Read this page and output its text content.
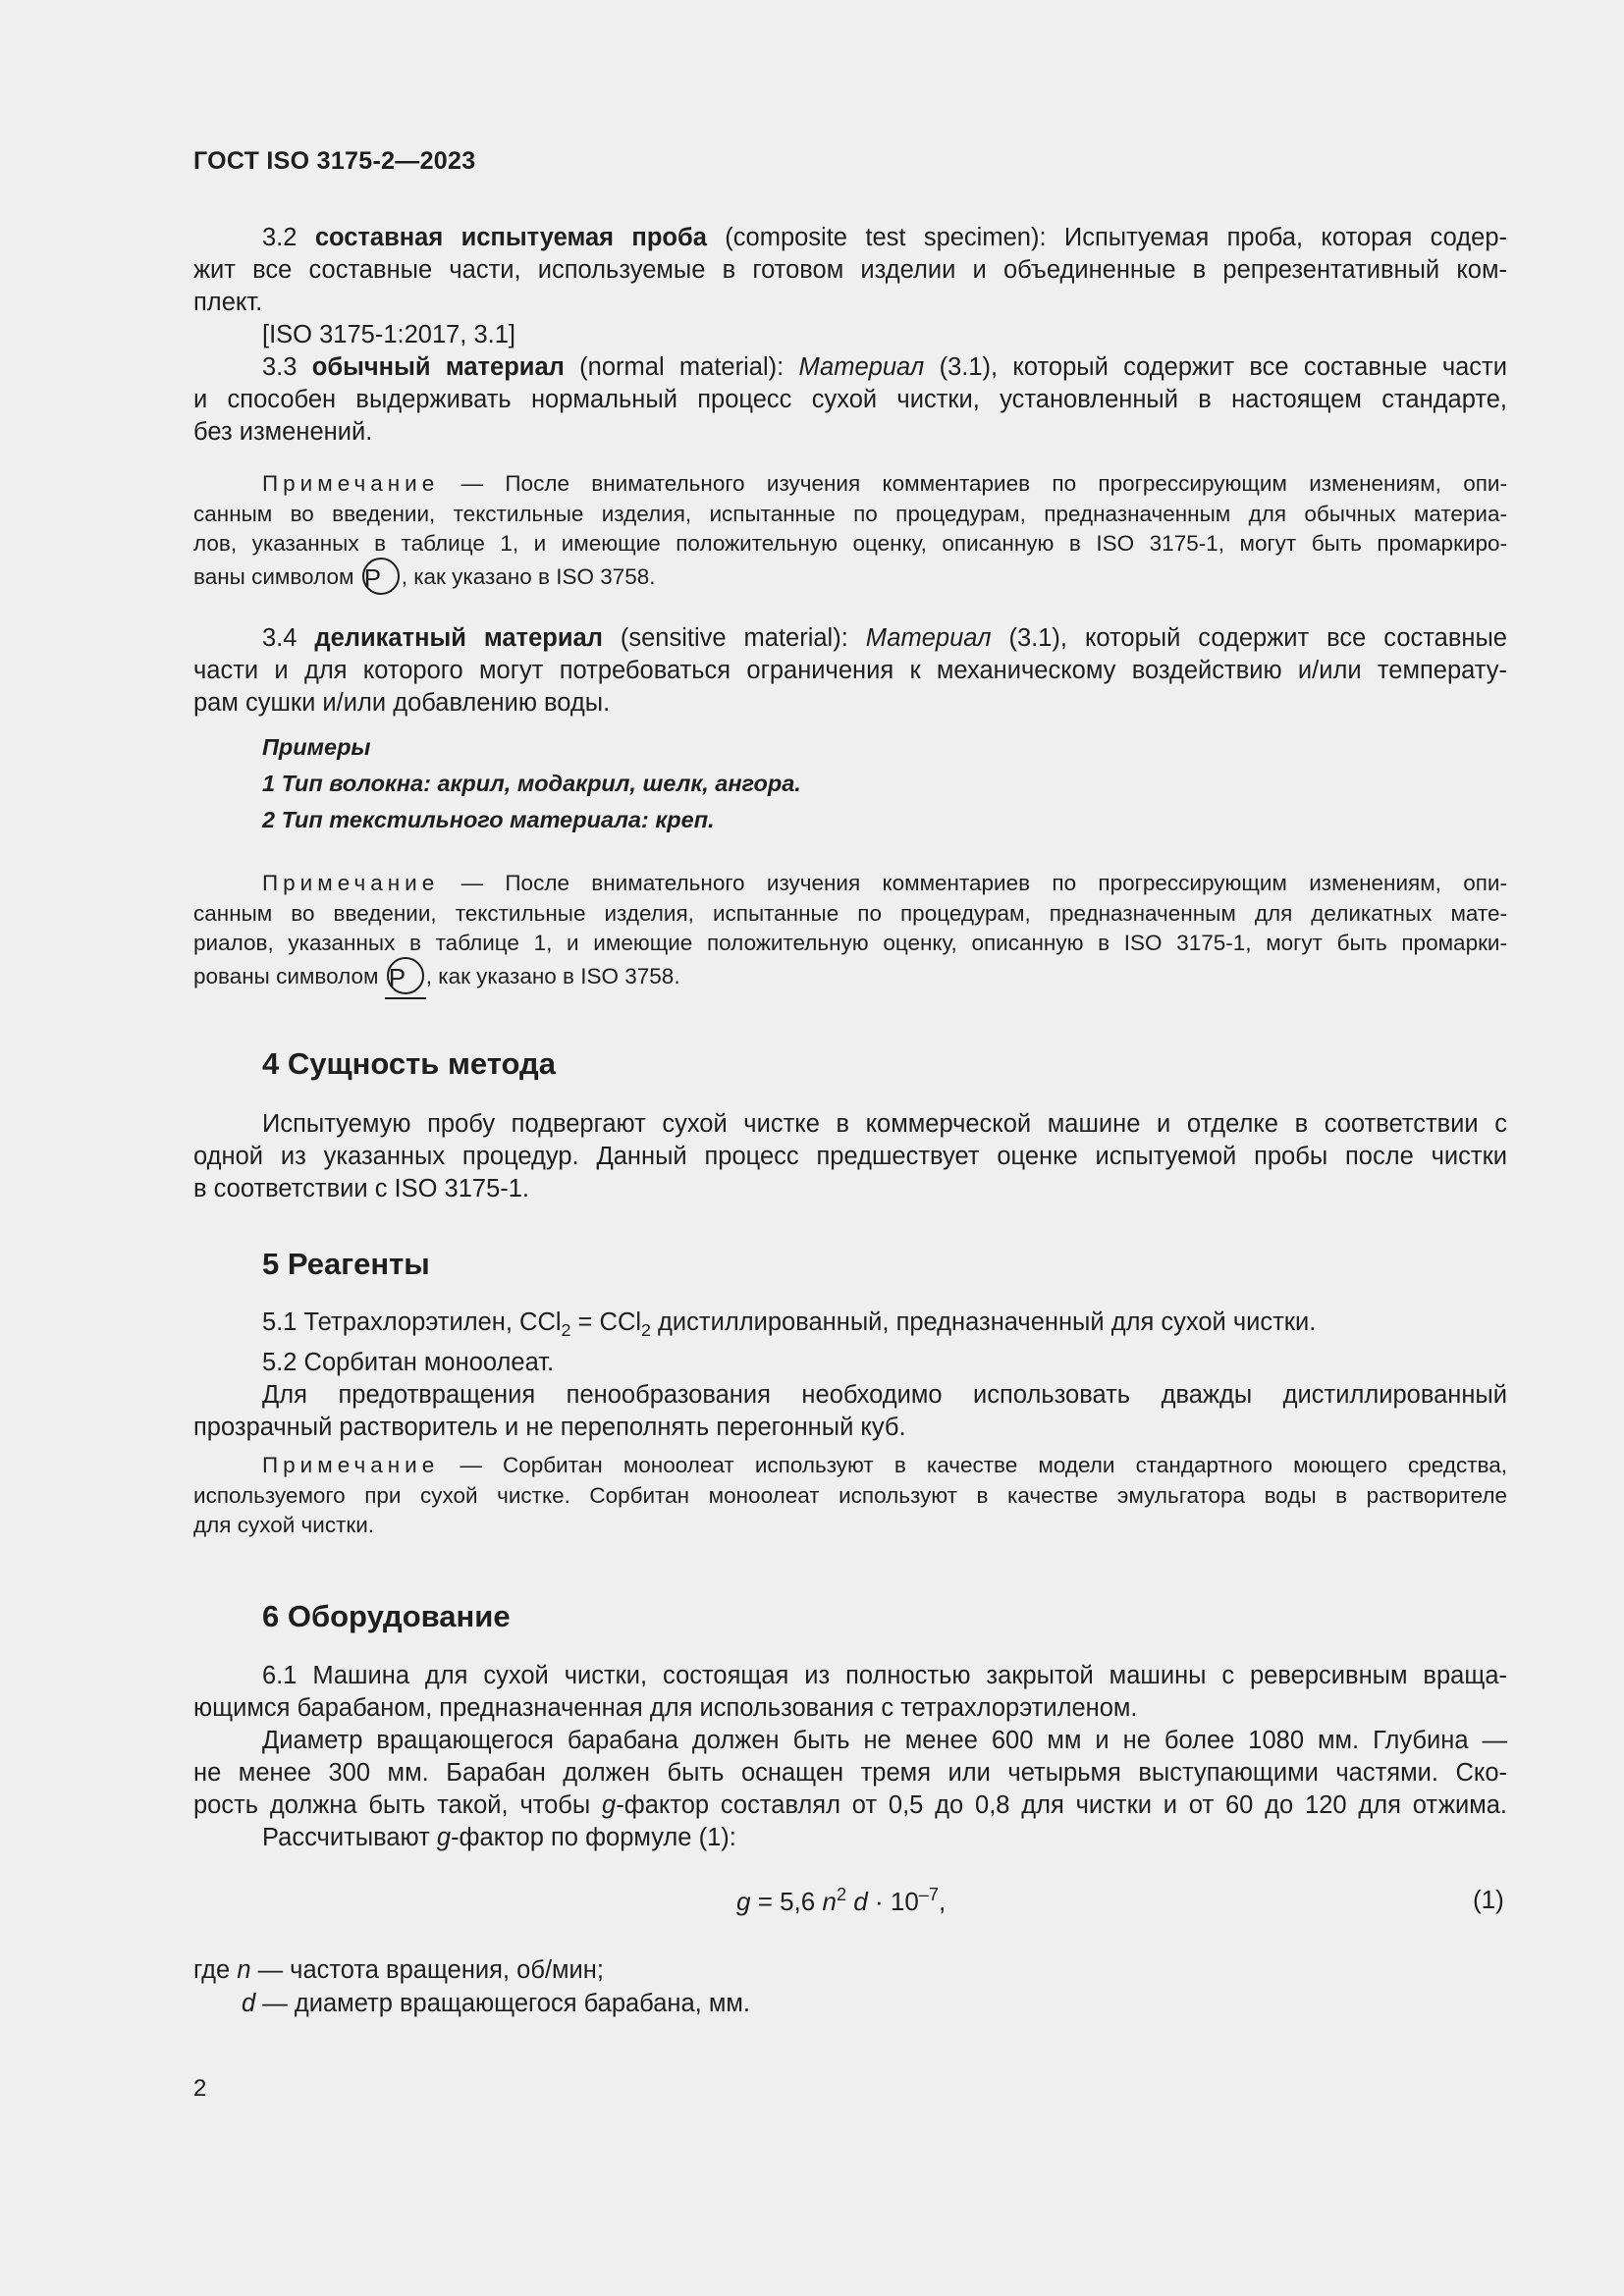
ГОСТ ISO 3175-2—2023
3.2 составная испытуемая проба (composite test specimen): Испытуемая проба, которая содер-
жит все составные части, используемые в готовом изделии и объединенные в репрезентативный ком-
плект.
[ISO 3175-1:2017, 3.1]
3.3 обычный материал (normal material): Материал (3.1), который содержит все составные части
и способен выдерживать нормальный процесс сухой чистки, установленный в настоящем стандарте,
без изменений.
Примечание — После внимательного изучения комментариев по прогрессирующим изменениям, опи-
санным во введении, текстильные изделия, испытанные по процедурам, предназначенным для обычных материа-
лов, указанных в таблице 1, и имеющие положительную оценку, описанную в ISO 3175-1, могут быть промаркиро-
ваны символом P , как указано в ISO 3758.
3.4 деликатный материал (sensitive material): Материал (3.1), который содержит все составные
части и для которого могут потребоваться ограничения к механическому воздействию и/или температу-
рам сушки и/или добавлению воды.
Примеры
1 Тип волокна: акрил, модакрил, шелк, ангора.
2 Тип текстильного материала: креп.
Примечание — После внимательного изучения комментариев по прогрессирующим изменениям, опи-
санным во введении, текстильные изделия, испытанные по процедурам, предназначенным для деликатных мате-
риалов, указанных в таблице 1, и имеющие положительную оценку, описанную в ISO 3175-1, могут быть промарки-
рованы символом P , как указано в ISO 3758.
4 Сущность метода
Испытуемую пробу подвергают сухой чистке в коммерческой машине и отделке в соответствии с
одной из указанных процедур. Данный процесс предшествует оценке испытуемой пробы после чистки
в соответствии с ISO 3175-1.
5 Реагенты
5.1 Тетрахлорэтилен, CCl$_2$ = CCl$_2$ дистиллированный, предназначенный для сухой чистки.
5.2 Сорбитан моноолеат.
Для предотвращения пенообразования необходимо использовать дважды дистиллированный
прозрачный растворитель и не переполнять перегонный куб.
Примечание — Сорбитан моноолеат используют в качестве модели стандартного моющего средства,
используемого при сухой чистке. Сорбитан моноолеат используют в качестве эмульгатора воды в растворителе
для сухой чистки.
6 Оборудование
6.1 Машина для сухой чистки, состоящая из полностью закрытой машины с реверсивным враща-
ющимся барабаном, предназначенная для использования с тетрахлорэтиленом.
Диаметр вращающегося барабана должен быть не менее 600 мм и не более 1080 мм. Глубина —
не менее 300 мм. Барабан должен быть оснащен тремя или четырьмя выступающими частями. Ско-
рость должна быть такой, чтобы g-фактор составлял от 0,5 до 0,8 для чистки и от 60 до 120 для отжима.
Рассчитывают g-фактор по формуле (1):
g = 5,6 $n^2$ $d \cdot 10^{-7}$,	(1)
где n — частота вращения, об/мин;
d — диаметр вращающегося барабана, мм.
2
